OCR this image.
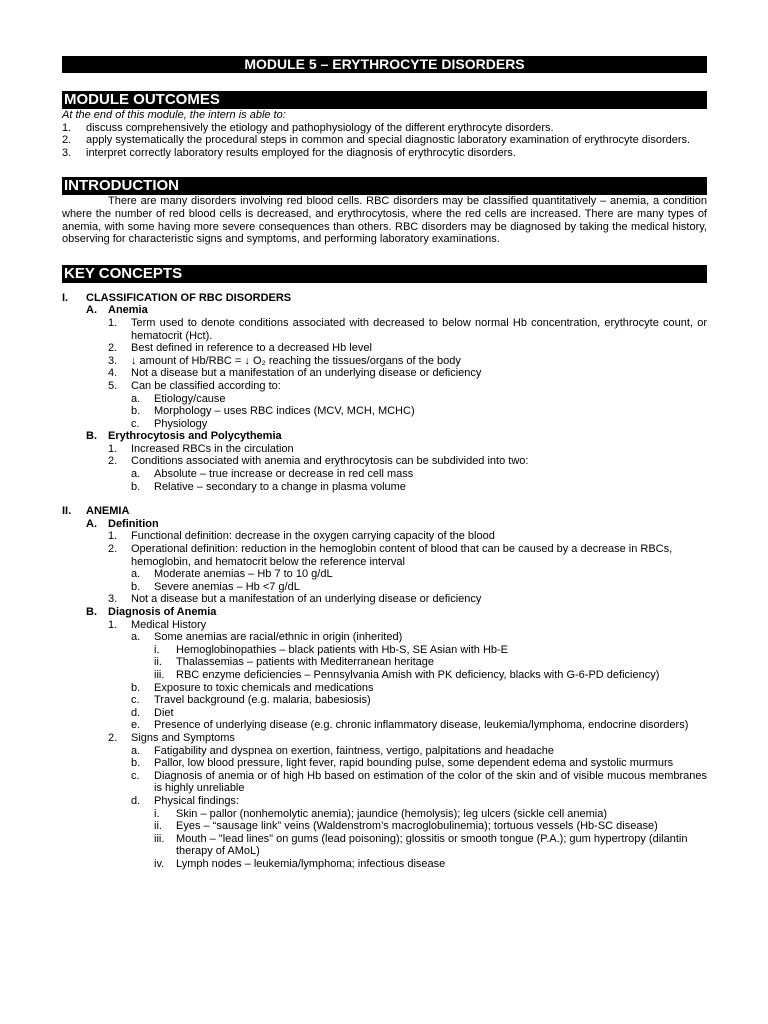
MODULE 5 – ERYTHROCYTE DISORDERS
MODULE OUTCOMES

At the end of this module, the intern is able to:

1.	discuss comprehensively the etiology and pathophysiology of the different erythrocyte disorders.
2.	apply systematically the procedural steps in common and special diagnostic laboratory examination of erythrocyte disorders.
3.	interpret correctly laboratory results employed for the diagnosis of erythrocytic disorders.
INTRODUCTION

There are many disorders involving red blood cells. RBC disorders may be classified quantitatively – anemia, a condition where the number of red blood cells is decreased, and erythrocytosis, where the red cells are increased. There are many types of anemia, with some having more severe consequences than others. RBC disorders may be diagnosed by taking the medical history, observing for characteristic signs and symptoms, and performing laboratory examinations.

KEY CONCEPTS
I.	CLASSIFICATION OF RBC DISORDERS
A.	Anemia
1.	Term used to denote conditions associated with decreased to below normal Hb concentration, erythrocyte count, or hematocrit (Hct).
2.	Best defined in reference to a decreased Hb level
3.	↓ amount of Hb/RBC = ↓ O₂ reaching the tissues/organs of the body
4.	Not a disease but a manifestation of an underlying disease or deficiency
5.	Can be classified according to:
a.	Etiology/cause
b.	Morphology – uses RBC indices (MCV, MCH, MCHC)
c.	Physiology
B.	Erythrocytosis and Polycythemia
1.	Increased RBCs in the circulation
2.	Conditions associated with anemia and erythrocytosis can be subdivided into two:
a.	Absolute – true increase or decrease in red cell mass
b.	Relative – secondary to a change in plasma volume
II.	ANEMIA
A.	Definition
1.	Functional definition: decrease in the oxygen carrying capacity of the blood
2.	Operational definition: reduction in the hemoglobin content of blood that can be caused by a decrease in RBCs, hemoglobin, and hematocrit below the reference interval
a.	Moderate anemias – Hb 7 to 10 g/dL
b.	Severe anemias – Hb <7 g/dL
3.	Not a disease but a manifestation of an underlying disease or deficiency
B.	Diagnosis of Anemia
1.	Medical History
a.	Some anemias are racial/ethnic in origin (inherited)
i.	Hemoglobinopathies – black patients with Hb-S, SE Asian with Hb-E
ii.	Thalassemias – patients with Mediterranean heritage
iii.	RBC enzyme deficiencies – Pennsylvania Amish with PK deficiency, blacks with G-6-PD deficiency)
b.	Exposure to toxic chemicals and medications
c.	Travel background (e.g. malaria, babesiosis)
d.	Diet
e.	Presence of underlying disease (e.g. chronic inflammatory disease, leukemia/lymphoma, endocrine disorders)
2.	Signs and Symptoms
a.	Fatigability and dyspnea on exertion, faintness, vertigo, palpitations and headache
b.	Pallor, low blood pressure, light fever, rapid bounding pulse, some dependent edema and systolic murmurs
c.	Diagnosis of anemia or of high Hb based on estimation of the color of the skin and of visible mucous membranes is highly unreliable
d.	Physical findings:
i.	Skin – pallor (nonhemolytic anemia); jaundice (hemolysis); leg ulcers (sickle cell anemia)
ii.	Eyes – “sausage link” veins (Waldenstrom’s macroglobulinemia); tortuous vessels (Hb-SC disease)
iii.	Mouth – "lead lines" on gums (lead poisoning); glossitis or smooth tongue (P.A.); gum hypertropy (dilantin therapy of AMoL)
iv.	Lymph nodes – leukemia/lymphoma; infectious disease
